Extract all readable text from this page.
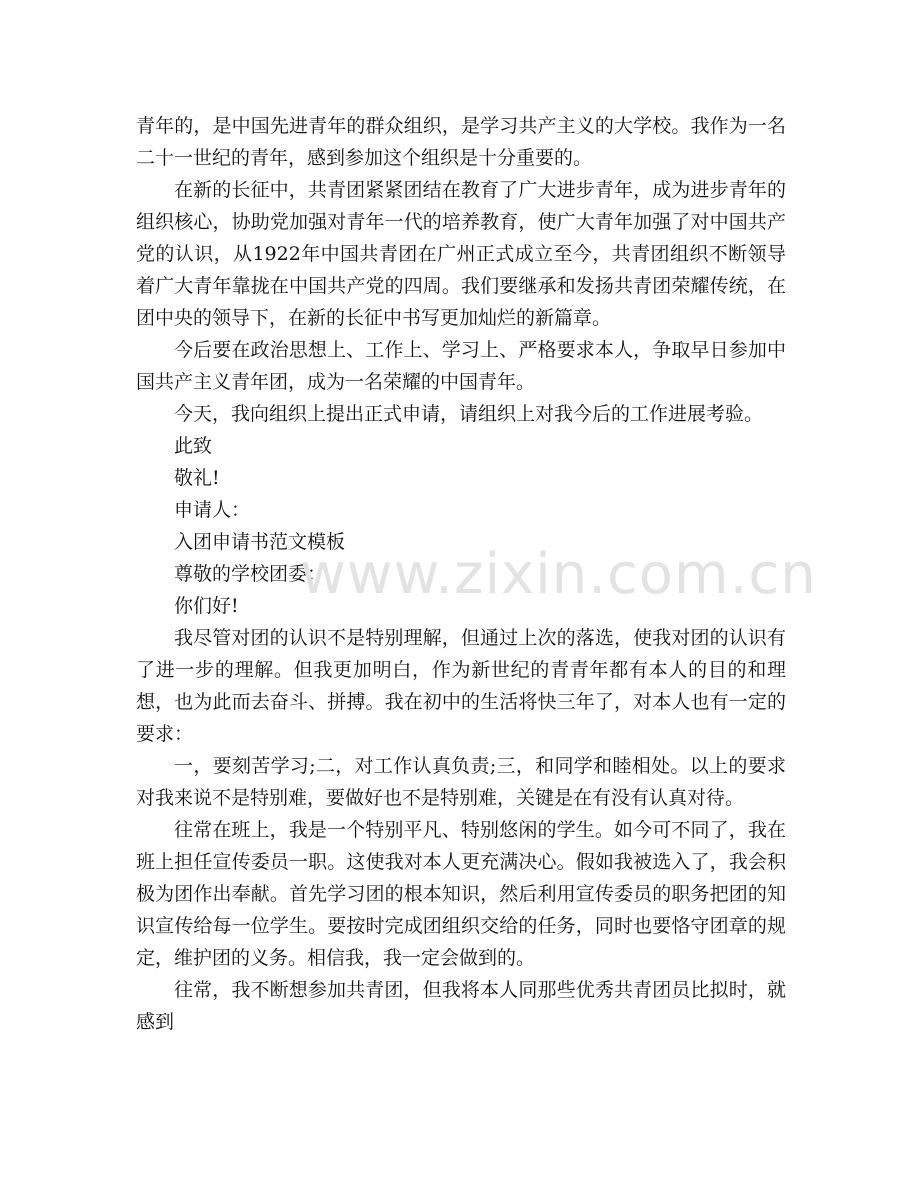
青年的，是中国先进青年的群众组织，是学习共产主义的大学校。我作为一名二十一世纪的青年，感到参加这个组织是十分重要的。

在新的长征中，共青团紧紧团结在教育了广大进步青年，成为进步青年的组织核心，协助党加强对青年一代的培养教育，使广大青年加强了对中国共产党的认识，从1922年中国共青团在广州正式成立至今，共青团组织不断领导着广大青年靠拢在中国共产党的四周。我们要继承和发扬共青团荣耀传统，在团中央的领导下，在新的长征中书写更加灿烂的新篇章。

今后要在政治思想上、工作上、学习上、严格要求本人，争取早日参加中国共产主义青年团，成为一名荣耀的中国青年。

今天，我向组织上提出正式申请，请组织上对我今后的工作进展考验。

此致

敬礼!

申请人：

入团申请书范文模板

尊敬的学校团委：

你们好!

我尽管对团的认识不是特别理解，但通过上次的落选，使我对团的认识有了进一步的理解。但我更加明白，作为新世纪的青青年都有本人的目的和理想，也为此而去奋斗、拼搏。我在初中的生活将快三年了，对本人也有一定的要求：

一，要刻苦学习;二，对工作认真负责;三，和同学和睦相处。以上的要求对我来说不是特别难，要做好也不是特别难，关键是在有没有认真对待。

往常在班上，我是一个特别平凡、特别悠闲的学生。如今可不同了，我在班上担任宣传委员一职。这使我对本人更充满决心。假如我被选入了，我会积极为团作出奉献。首先学习团的根本知识，然后利用宣传委员的职务把团的知识宣传给每一位学生。要按时完成团组织交给的任务，同时也要恪守团章的规定，维护团的义务。相信我，我一定会做到的。

往常，我不断想参加共青团，但我将本人同那些优秀共青团员比拟时，就感到

www.zixin.com.cn
